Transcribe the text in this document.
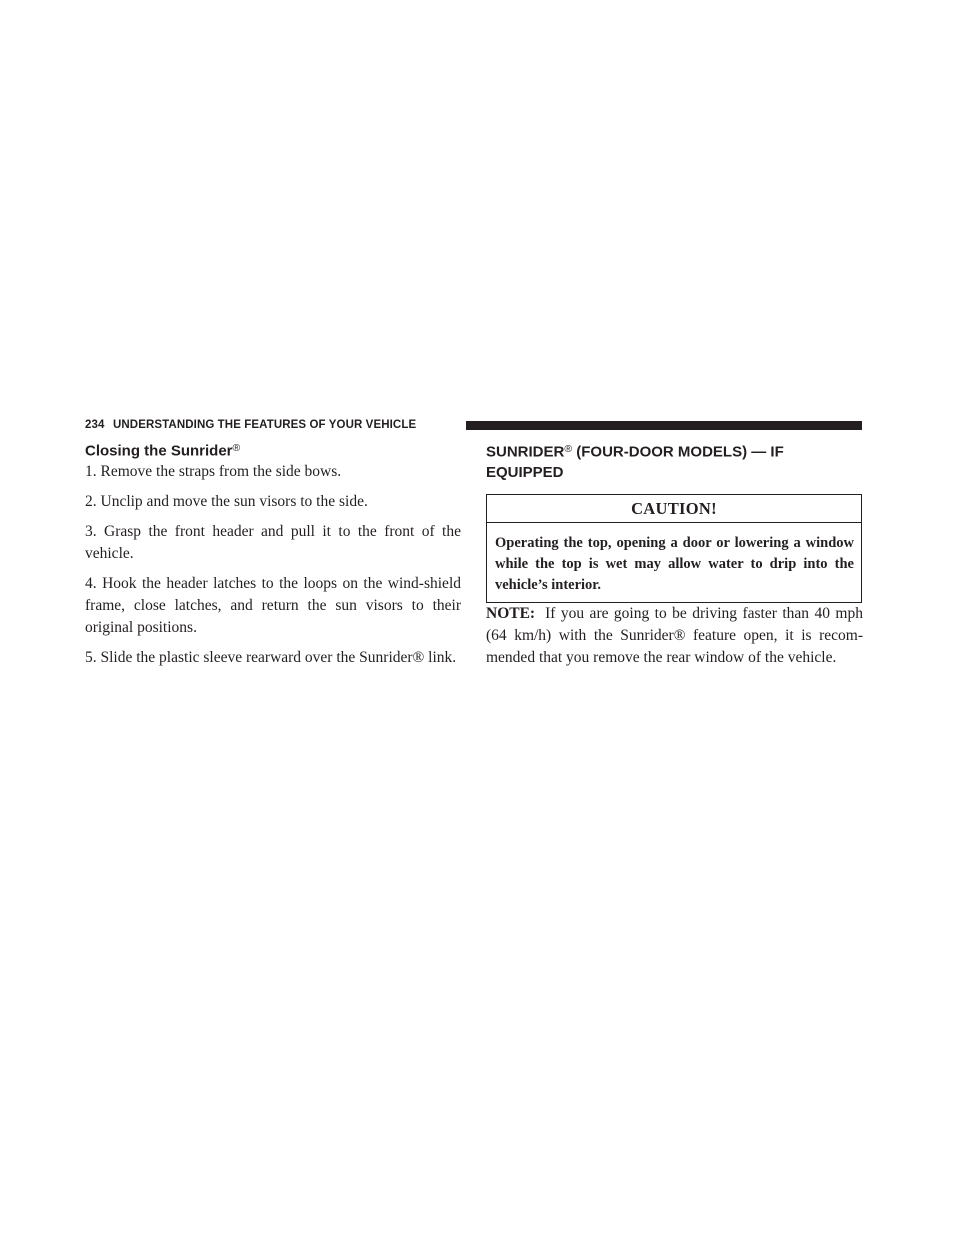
234 UNDERSTANDING THE FEATURES OF YOUR VEHICLE
Closing the Sunrider®

1. Remove the straps from the side bows.

2. Unclip and move the sun visors to the side.

3. Grasp the front header and pull it to the front of the vehicle.

4. Hook the header latches to the loops on the wind-shield frame, close latches, and return the sun visors to their original positions.

5. Slide the plastic sleeve rearward over the Sunrider® link.

SUNRIDER® (FOUR-DOOR MODELS) — IF EQUIPPED
CAUTION!
Operating the top, opening a door or lowering a window while the top is wet may allow water to drip into the vehicle’s interior.

NOTE: If you are going to be driving faster than 40 mph (64 km/h) with the Sunrider® feature open, it is recom-mended that you remove the rear window of the vehicle.
